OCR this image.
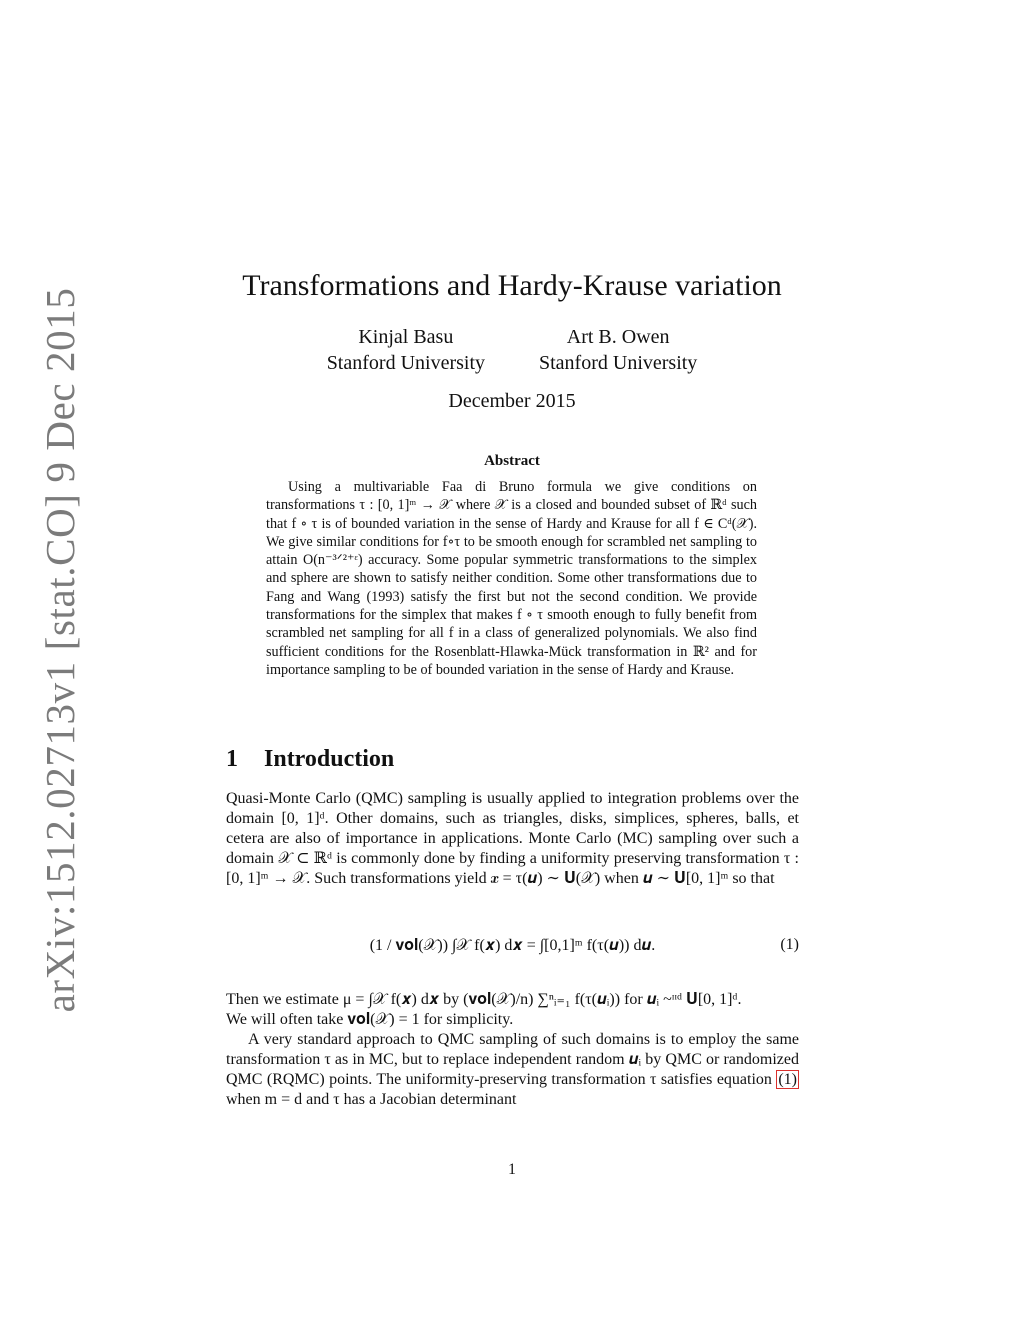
arXiv:1512.02713v1 [stat.CO] 9 Dec 2015
Transformations and Hardy-Krause variation
Kinjal Basu
Stanford University
Art B. Owen
Stanford University
December 2015
Abstract
Using a multivariable Faa di Bruno formula we give conditions on transformations τ : [0, 1]ᵐ → 𝒳 where 𝒳 is a closed and bounded subset of ℝᵈ such that f ∘ τ is of bounded variation in the sense of Hardy and Krause for all f ∈ Cᵈ(𝒳). We give similar conditions for f∘τ to be smooth enough for scrambled net sampling to attain O(n⁻³ᐟ²⁺ᵋ) accuracy. Some popular symmetric transformations to the simplex and sphere are shown to satisfy neither condition. Some other transformations due to Fang and Wang (1993) satisfy the first but not the second condition. We provide transformations for the simplex that makes f ∘ τ smooth enough to fully benefit from scrambled net sampling for all f in a class of generalized polynomials. We also find sufficient conditions for the Rosenblatt-Hlawka-Mück transformation in ℝ² and for importance sampling to be of bounded variation in the sense of Hardy and Krause.
1 Introduction
Quasi-Monte Carlo (QMC) sampling is usually applied to integration problems over the domain [0, 1]ᵈ. Other domains, such as triangles, disks, simplices, spheres, balls, et cetera are also of importance in applications. Monte Carlo (MC) sampling over such a domain 𝒳 ⊂ ℝᵈ is commonly done by finding a uniformity preserving transformation τ : [0, 1]ᵐ → 𝒳. Such transformations yield 𝒙 = τ(𝒖) ∼ 𝐔(𝒳) when 𝒖 ∼ 𝐔[0, 1]ᵐ so that
(1 / 𝐯𝐨𝐥(𝒳)) ∫𝒳 f(𝒙) d𝒙 = ∫[0,1]ᵐ f(τ(𝒖)) d𝒖.	(1)
Then we estimate μ = ∫𝒳 f(𝒙) d𝒙 by (𝐯𝐨𝐥(𝒳)/n) ∑ⁿᵢ₌₁ f(τ(𝒖ᵢ)) for 𝒖ᵢ ~ᶦᶦᵈ 𝐔[0, 1]ᵈ.
We will often take 𝐯𝐨𝐥(𝒳) = 1 for simplicity.
A very standard approach to QMC sampling of such domains is to employ the same transformation τ as in MC, but to replace independent random 𝒖ᵢ by QMC or randomized QMC (RQMC) points. The uniformity-preserving transformation τ satisfies equation (1) when m = d and τ has a Jacobian determinant
1
